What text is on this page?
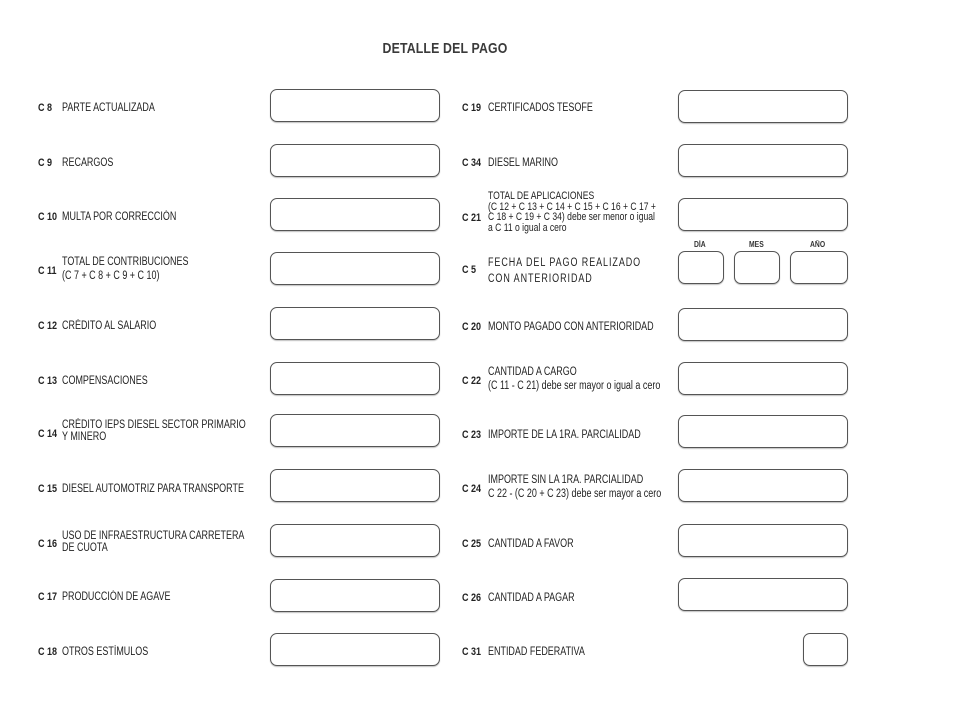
DETALLE DEL PAGO
C 8 PARTE ACTUALIZADA
C 9 RECARGOS
C 10 MULTA POR CORRECCIÓN
C 11
TOTAL DE CONTRIBUCIONES
(C 7 + C 8 + C 9 + C 10)
C 12 CRÉDITO AL SALARIO
C 13 COMPENSACIONES
C 14
CRÉDITO IEPS DIESEL SECTOR PRIMARIO
Y MINERO
C 15 DIESEL AUTOMOTRIZ PARA TRANSPORTE
C 16
USO DE INFRAESTRUCTURA CARRETERA
DE CUOTA
C 17 PRODUCCIÓN DE AGAVE
C 18 OTROS ESTÍMULOS
C 19 CERTIFICADOS TESOFE
C 34 DIESEL MARINO
C 21
TOTAL DE APLICACIONES
(C 12 + C 13 + C 14 + C 15 + C 16 + C 17 +
C 18 + C 19 + C 34) debe ser menor o igual
a C 11 o igual a cero
C 5
FECHA DEL PAGO REALIZADO
CON ANTERIORIDAD
DÍA	MES	AÑO
C 20 MONTO PAGADO CON ANTERIORIDAD
C 22
CANTIDAD A CARGO
(C 11 - C 21) debe ser mayor o igual a cero
C 23 IMPORTE DE LA 1RA. PARCIALIDAD
C 24
IMPORTE SIN LA 1RA. PARCIALIDAD
C 22 - (C 20 + C 23) debe ser mayor a cero
C 25 CANTIDAD A FAVOR
C 26 CANTIDAD A PAGAR
C 31 ENTIDAD FEDERATIVA
